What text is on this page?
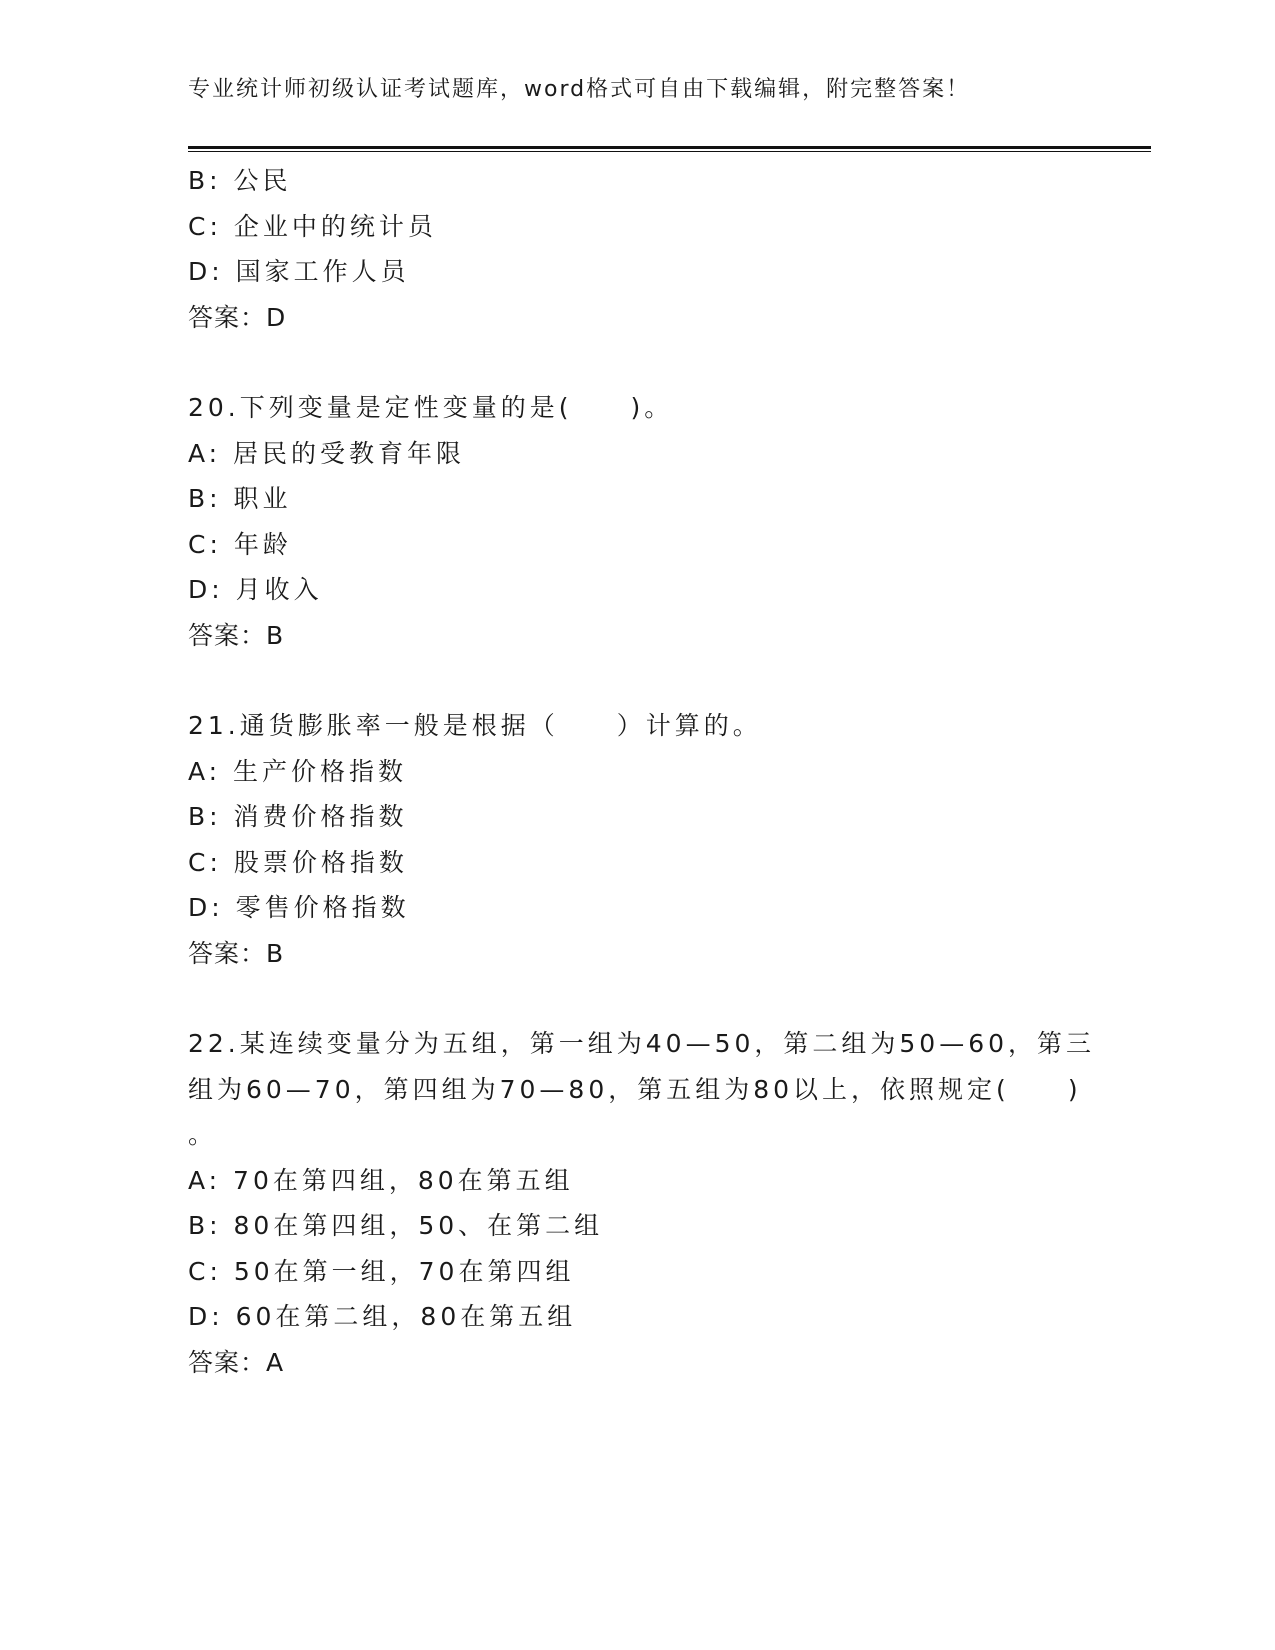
专业统计师初级认证考试题库，word格式可自由下载编辑，附完整答案！
B: 公民
C: 企业中的统计员
D: 国家工作人员
答案：D
20.下列变量是定性变量的是(　　)。
A: 居民的受教育年限
B: 职业
C: 年龄
D: 月收入
答案：B
21.通货膨胀率一般是根据（　　）计算的。
A: 生产价格指数
B: 消费价格指数
C: 股票价格指数
D: 零售价格指数
答案：B
22.某连续变量分为五组，第一组为40—50，第二组为50—60，第三
组为60—70，第四组为70—80，第五组为80以上，依照规定(　　)
。
A: 70在第四组，80在第五组
B: 80在第四组，50、在第二组
C: 50在第一组，70在第四组
D: 60在第二组，80在第五组
答案：A
